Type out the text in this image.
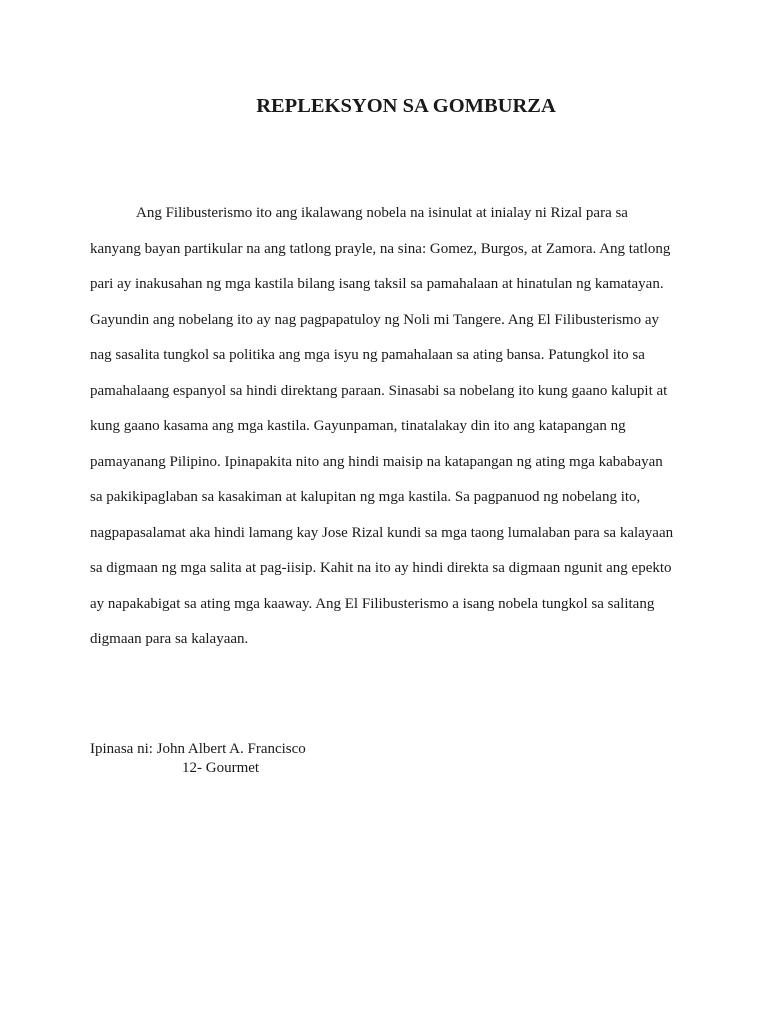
REPLEKSYON SA GOMBURZA
Ang Filibusterismo ito ang ikalawang nobela na isinulat at inialay ni Rizal para sa
kanyang bayan partikular na ang tatlong prayle, na sina: Gomez, Burgos, at Zamora. Ang tatlong
pari ay inakusahan ng mga kastila bilang isang taksil sa pamahalaan at hinatulan ng kamatayan.
Gayundin ang nobelang ito ay nag pagpapatuloy ng Noli mi Tangere. Ang El Filibusterismo ay
nag sasalita tungkol sa politika ang mga isyu ng pamahalaan sa ating bansa. Patungkol ito sa
pamahalaang espanyol sa hindi direktang paraan. Sinasabi sa nobelang ito kung gaano kalupit at
kung gaano kasama ang mga kastila. Gayunpaman, tinatalakay din ito ang katapangan ng
pamayanang Pilipino. Ipinapakita nito ang hindi maisip na katapangan ng ating mga kababayan
sa pakikipaglaban sa kasakiman at kalupitan ng mga kastila. Sa pagpanuod ng nobelang ito,
nagpapasalamat aka hindi lamang kay Jose Rizal kundi sa mga taong lumalaban para sa kalayaan
sa digmaan ng mga salita at pag-iisip. Kahit na ito ay hindi direkta sa digmaan ngunit ang epekto
ay napakabigat sa ating mga kaaway. Ang El Filibusterismo a isang nobela tungkol sa salitang
digmaan para sa kalayaan.
Ipinasa ni: John Albert A. Francisco
12- Gourmet
